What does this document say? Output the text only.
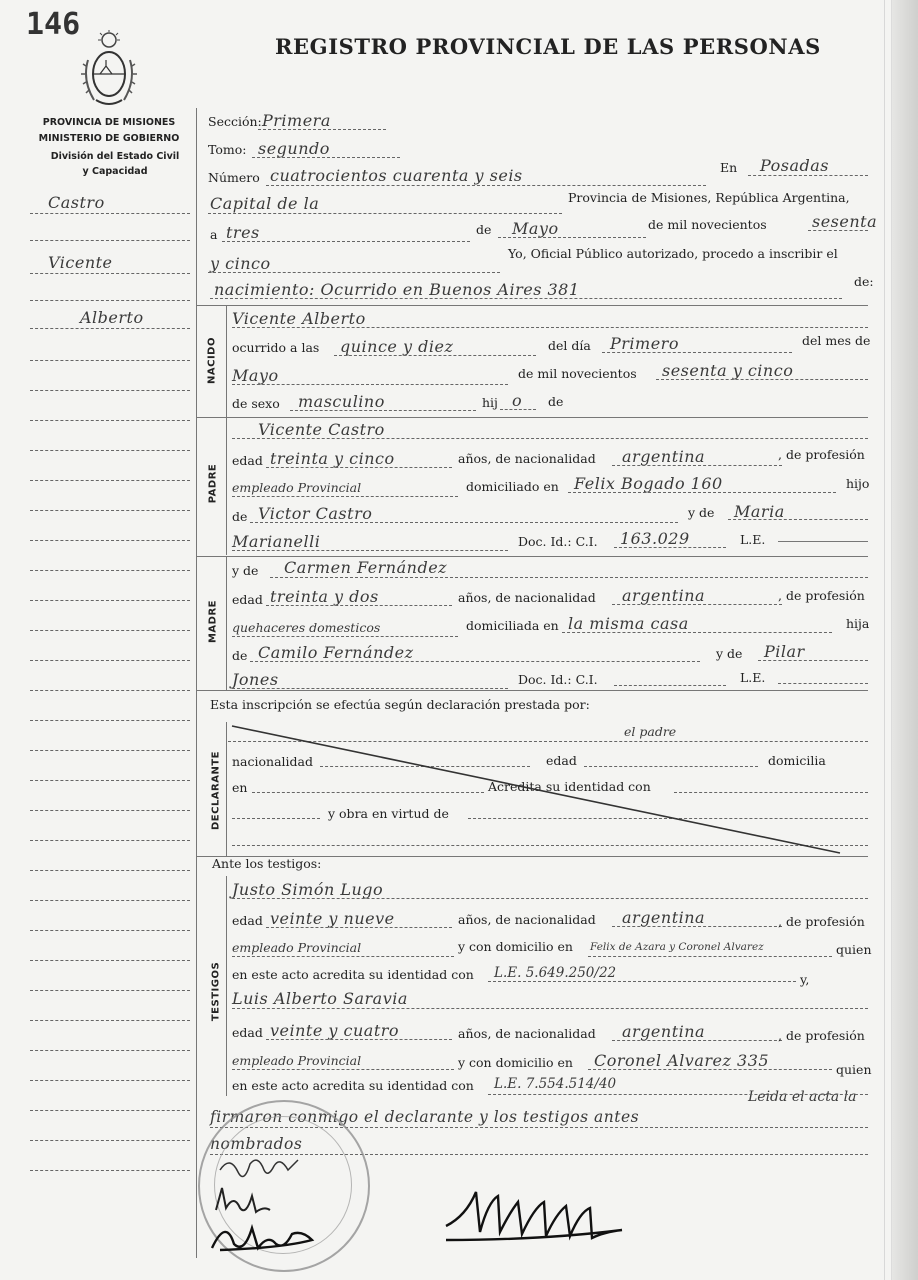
146
REGISTRO PROVINCIAL DE LAS PERSONAS
PROVINCIA DE MISIONES
MINISTERIO DE GOBIERNO
División del Estado Civil
y Capacidad
Castro
Vicente
Alberto
Sección: Primera
Tomo: segundo
Número cuatrocientos cuarenta y seis	En Posadas
Capital de la	Provincia de Misiones, República Argentina,
a tres	de Mayo	de mil novecientos	sesenta
y cinco
Yo, Oficial Público autorizado, procedo a inscribir el
nacimiento: Ocurrido en Buenos Aires 381	de:
NACIDO
Vicente Alberto
ocurrido a las quince y diez	del día Primero	del mes de
Mayo	de mil novecientos sesenta y cinco
de sexo masculino	hij o de
PADRE
Vicente Castro
edad treinta y cinco	años, de nacionalidad argentina	, de profesión
empleado Provincial	domiciliado en Felix Bogado 160	hijo
de Victor Castro	y de Maria
Marianelli	Doc. Id.: C.I. 163.029	L.E.
MADRE
y de Carmen Fernández
edad treinta y dos	años, de nacionalidad argentina	, de profesión
quehaceres domesticos	domiciliada en la misma casa	hija
de Camilo Fernández	y de Pilar
Jones	Doc. Id.: C.I.	L.E.
Esta inscripción se efectúa según declaración prestada por:
el padre
DECLARANTE nacionalidad	edad	domicilia
en	Acredita su identidad con
y obra en virtud de
Ante los testigos:
TESTIGOS
Justo Simón Lugo
edad veinte y nueve	años, de nacionalidad argentina	, de profesión
empleado Provincial	y con domicilio en Felix de Azara y Coronel Alvarez	quien
en este acto acredita su identidad con L.E. 5.649.250/22	y,
Luis Alberto Saravia
edad veinte y cuatro	años, de nacionalidad argentina	, de profesión
empleado Provincial	y con domicilio en Coronel Alvarez 335	quien
en este acto acredita su identidad con L.E. 7.554.514/40
Leida el acta la
firmaron conmigo el declarante y los testigos antes
nombrados
